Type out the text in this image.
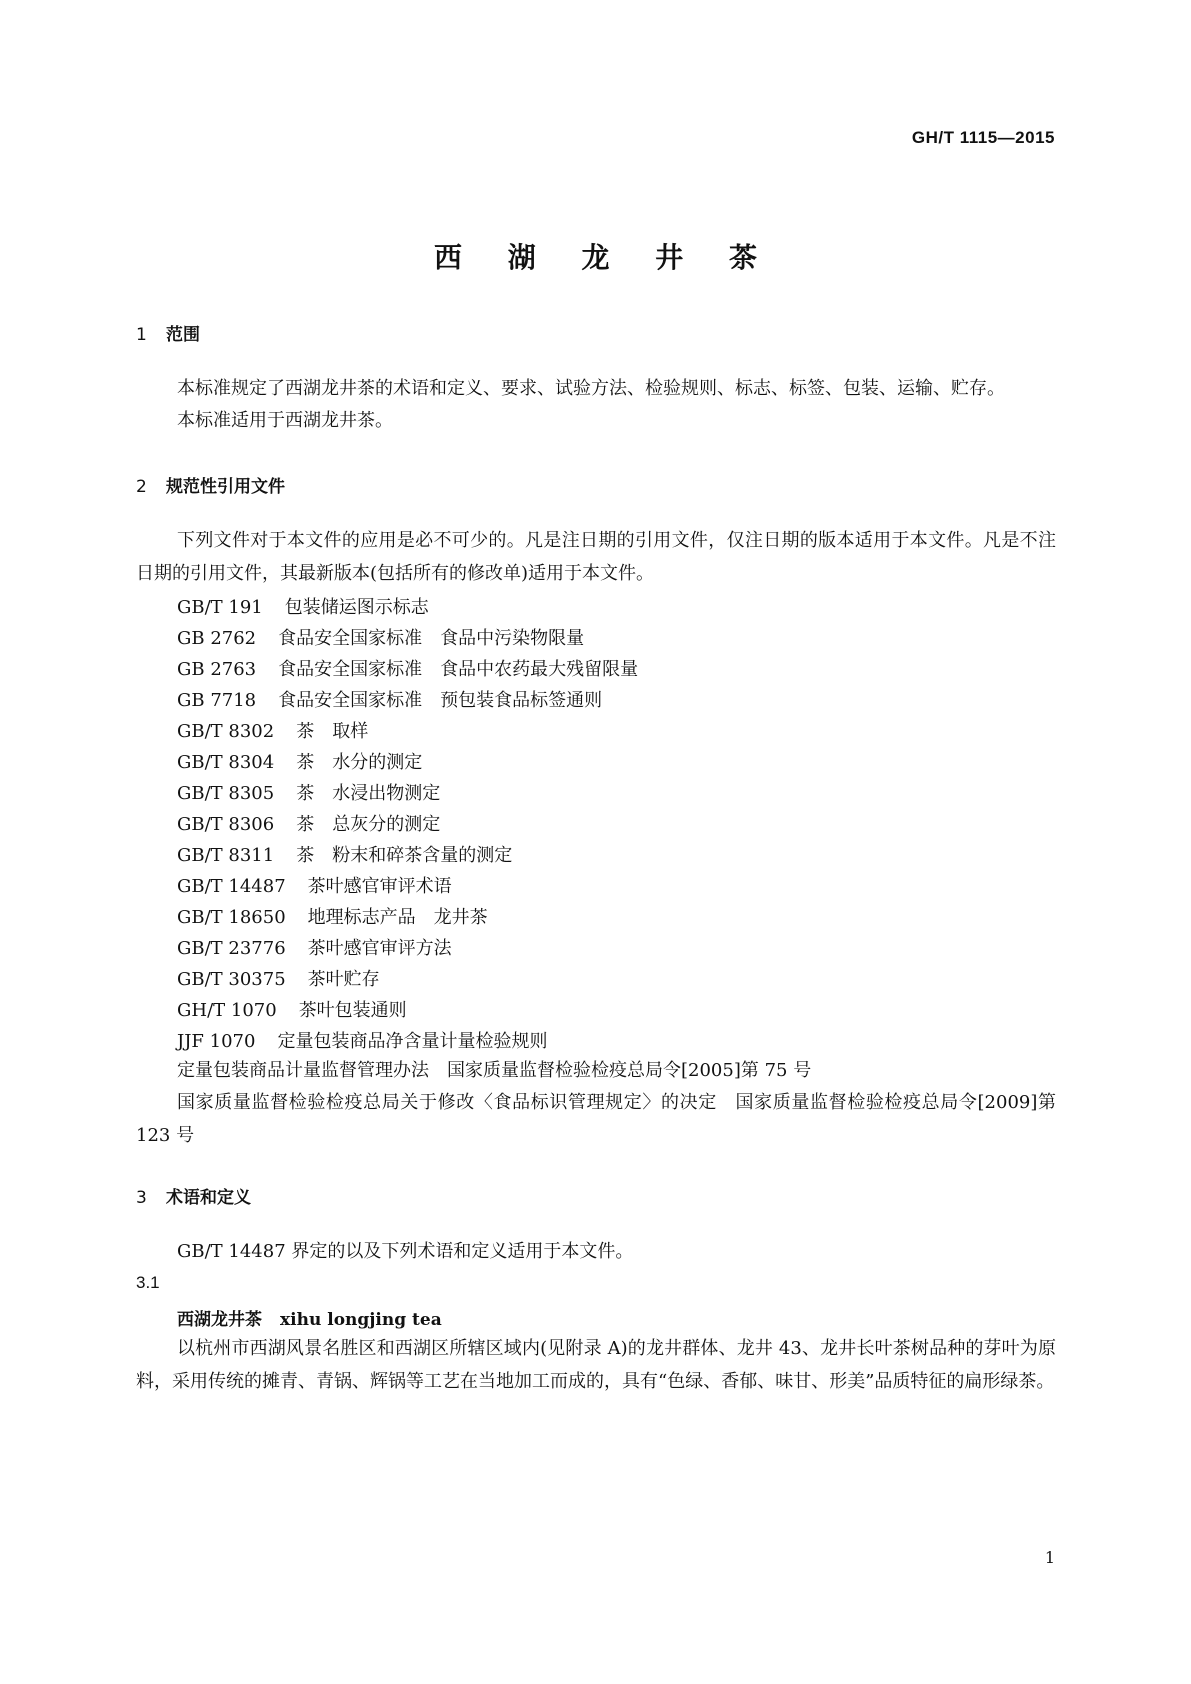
GH/T 1115—2015
西 湖 龙 井 茶
1 范围
本标准规定了西湖龙井茶的术语和定义、要求、试验方法、检验规则、标志、标签、包装、运输、贮存。
本标准适用于西湖龙井茶。
2 规范性引用文件
下列文件对于本文件的应用是必不可少的。凡是注日期的引用文件，仅注日期的版本适用于本文件。凡是不注日期的引用文件，其最新版本(包括所有的修改单)适用于本文件。
GB/T 191 包装储运图示标志
GB 2762 食品安全国家标准　食品中污染物限量
GB 2763 食品安全国家标准　食品中农药最大残留限量
GB 7718 食品安全国家标准　预包装食品标签通则
GB/T 8302 茶　取样
GB/T 8304 茶　水分的测定
GB/T 8305 茶　水浸出物测定
GB/T 8306 茶　总灰分的测定
GB/T 8311 茶　粉末和碎茶含量的测定
GB/T 14487 茶叶感官审评术语
GB/T 18650 地理标志产品　龙井茶
GB/T 23776 茶叶感官审评方法
GB/T 30375 茶叶贮存
GH/T 1070 茶叶包装通则
JJF 1070 定量包装商品净含量计量检验规则
定量包装商品计量监督管理办法　国家质量监督检验检疫总局令[2005]第 75 号
国家质量监督检验检疫总局关于修改〈食品标识管理规定〉的决定　国家质量监督检验检疫总局令[2009]第 123 号
3 术语和定义
GB/T 14487 界定的以及下列术语和定义适用于本文件。
3.1
西湖龙井茶 xihu longjing tea
以杭州市西湖风景名胜区和西湖区所辖区域内(见附录 A)的龙井群体、龙井 43、龙井长叶茶树品种的芽叶为原料，采用传统的摊青、青锅、辉锅等工艺在当地加工而成的，具有“色绿、香郁、味甘、形美”品质特征的扁形绿茶。
1
